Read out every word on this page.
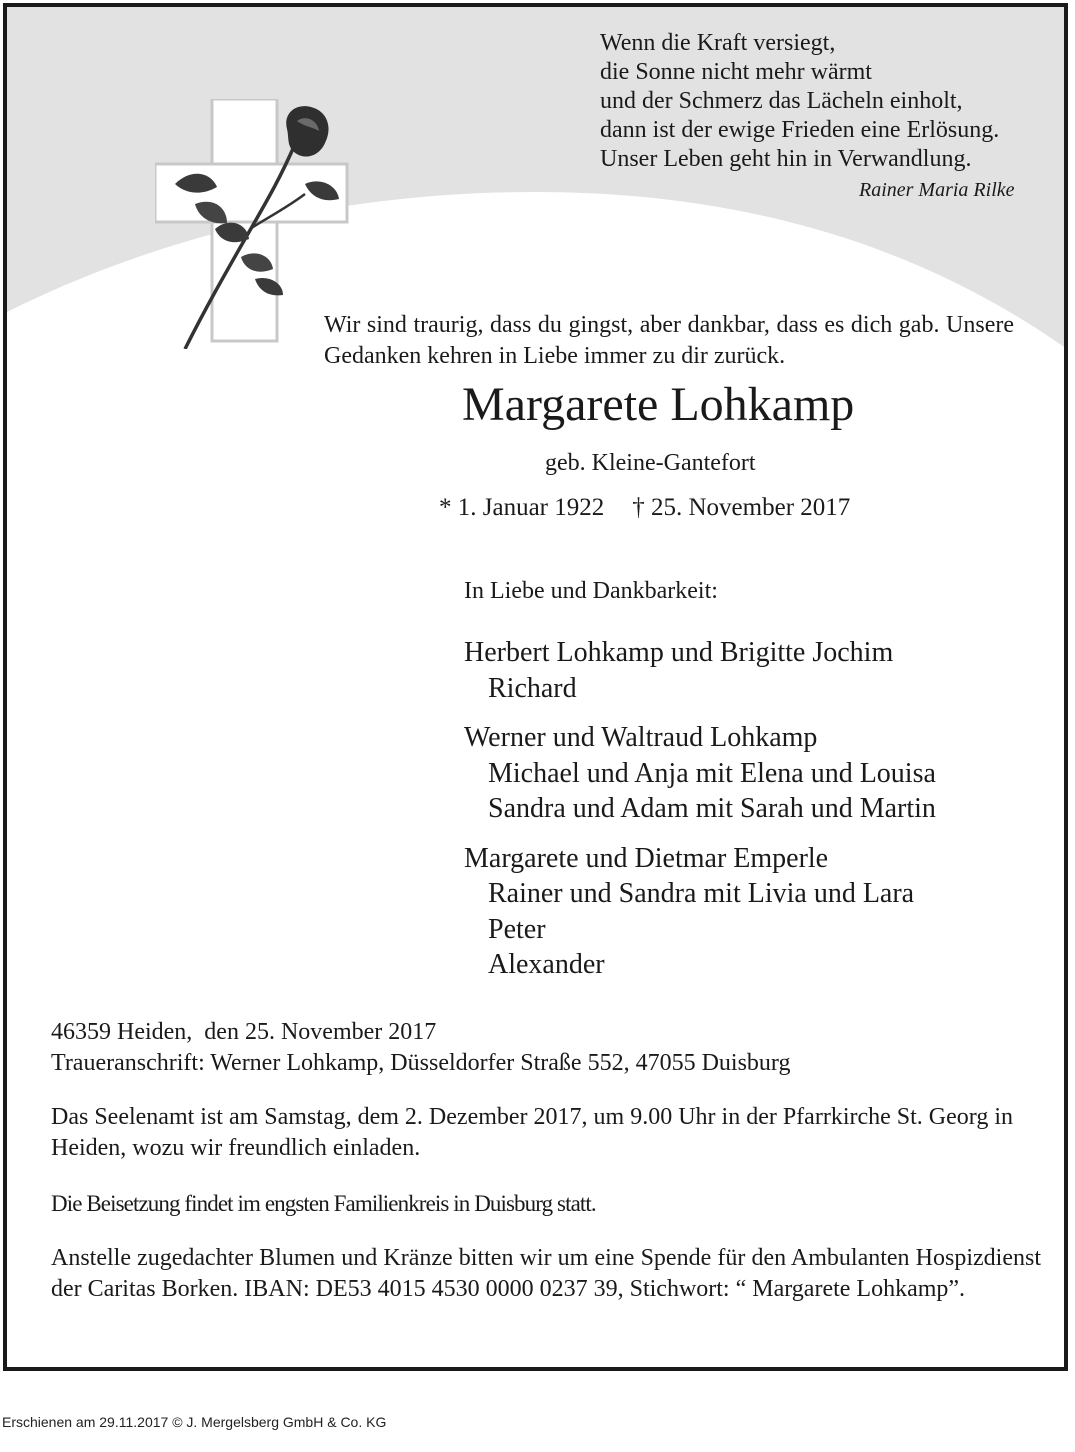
Wenn die Kraft versiegt,
die Sonne nicht mehr wärmt
und der Schmerz das Lächeln einholt,
dann ist der ewige Frieden eine Erlösung.
Unser Leben geht hin in Verwandlung.
Rainer Maria Rilke

Wir sind traurig, dass du gingst, aber dankbar, dass es dich gab. Unsere Gedanken kehren in Liebe immer zu dir zurück.

Margarete Lohkamp
geb. Kleine-Gantefort
* 1. Januar 1922 † 25. November 2017
In Liebe und Dankbarkeit:
Herbert Lohkamp und Brigitte Jochim
Richard
Werner und Waltraud Lohkamp
Michael und Anja mit Elena und Louisa
Sandra und Adam mit Sarah und Martin
Margarete und Dietmar Emperle
Rainer und Sandra mit Livia und Lara
Peter
Alexander
46359 Heiden,  den 25. November 2017
Traueranschrift: Werner Lohkamp, Düsseldorfer Straße 552, 47055 Duisburg

Das Seelenamt ist am Samstag, dem 2. Dezember 2017, um 9.00 Uhr in der Pfarrkirche St. Georg in Heiden, wozu wir freundlich einladen.

Die Beisetzung findet im engsten Familienkreis in Duisburg statt.

Anstelle zugedachter Blumen und Kränze bitten wir um eine Spende für den Ambulanten Hospizdienst der Caritas Borken. IBAN: DE53 4015 4530 0000 0237 39, Stichwort: “ Margarete Lohkamp”.

Erschienen am 29.11.2017 © J. Mergelsberg GmbH & Co. KG
